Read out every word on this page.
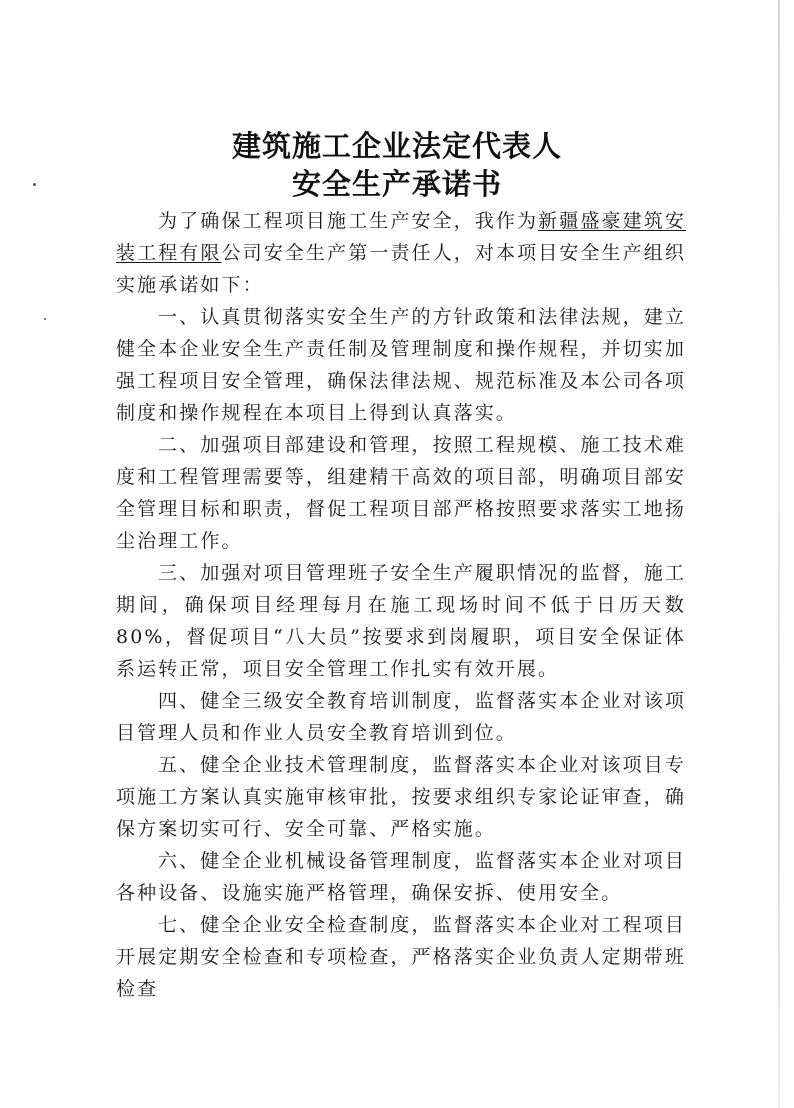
建筑施工企业法定代表人
安全生产承诺书

为了确保工程项目施工生产安全，我作为新疆盛豪建筑安装工程有限公司安全生产第一责任人，对本项目安全生产组织实施承诺如下：

一、认真贯彻落实安全生产的方针政策和法律法规，建立健全本企业安全生产责任制及管理制度和操作规程，并切实加强工程项目安全管理，确保法律法规、规范标准及本公司各项制度和操作规程在本项目上得到认真落实。

二、加强项目部建设和管理，按照工程规模、施工技术难度和工程管理需要等，组建精干高效的项目部，明确项目部安全管理目标和职责，督促工程项目部严格按照要求落实工地扬尘治理工作。

三、加强对项目管理班子安全生产履职情况的监督，施工期间，确保项目经理每月在施工现场时间不低于日历天数80%，督促项目“八大员”按要求到岗履职，项目安全保证体系运转正常，项目安全管理工作扎实有效开展。

四、健全三级安全教育培训制度，监督落实本企业对该项目管理人员和作业人员安全教育培训到位。

五、健全企业技术管理制度，监督落实本企业对该项目专项施工方案认真实施审核审批，按要求组织专家论证审查，确保方案切实可行、安全可靠、严格实施。

六、健全企业机械设备管理制度，监督落实本企业对项目各种设备、设施实施严格管理，确保安拆、使用安全。

七、健全企业安全检查制度，监督落实本企业对工程项目开展定期安全检查和专项检查，严格落实企业负责人定期带班检查
